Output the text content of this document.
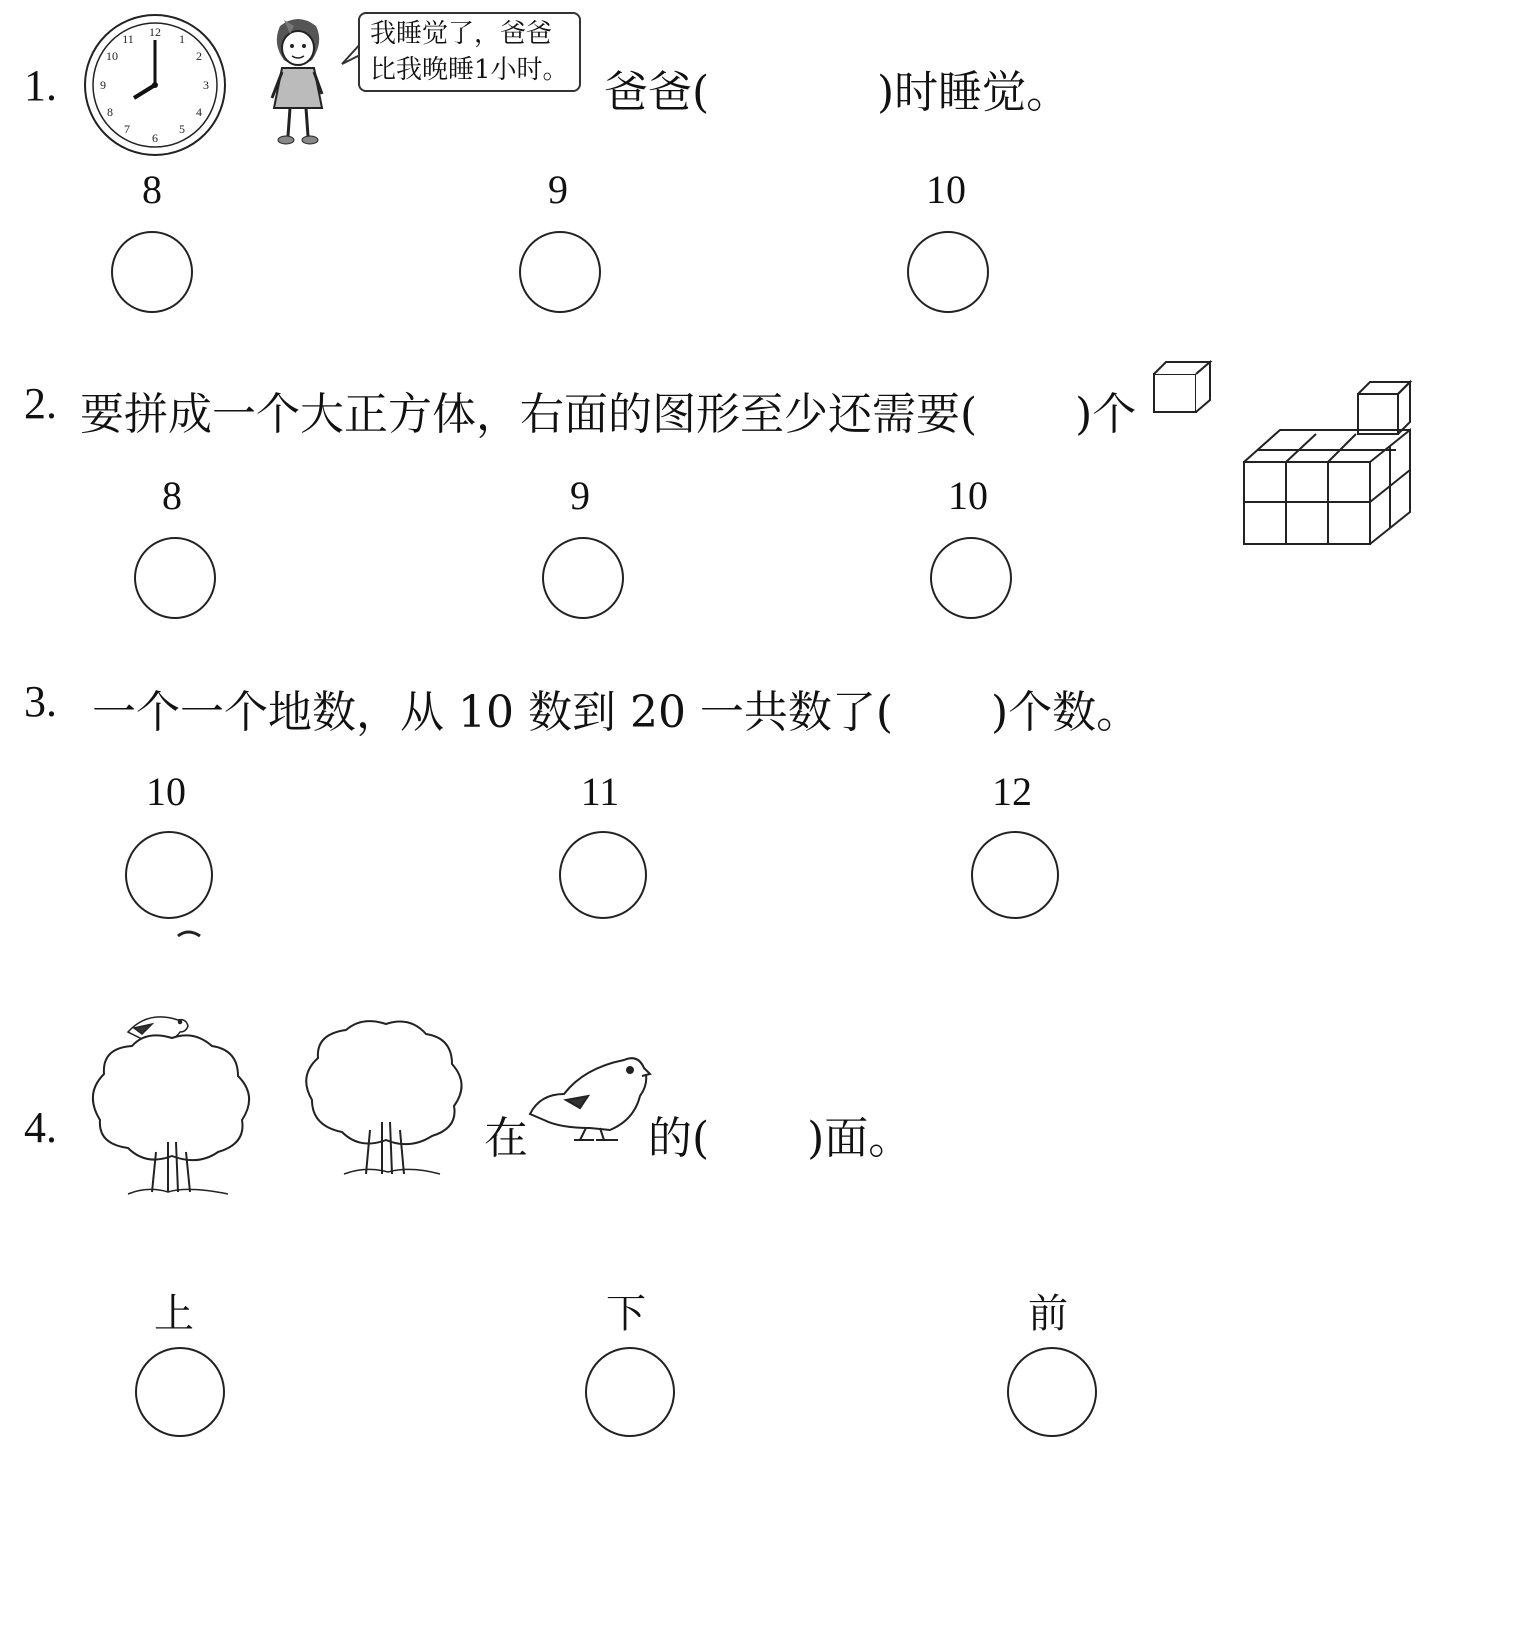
1.
12 1
2
3
4
5
6
7
8
9
10
11	我睡觉了，爸爸
比我晚睡1小时。 爸爸(            )时睡觉。
8	9	10
2. 要拼成一个大正方体，右面的图形至少还需要(       )个
8	9	10
3. 一个一个地数，从 10 数到 20 一共数了(       )个数。
10	11	12
4.	在	的(       )面。
上	下	前
